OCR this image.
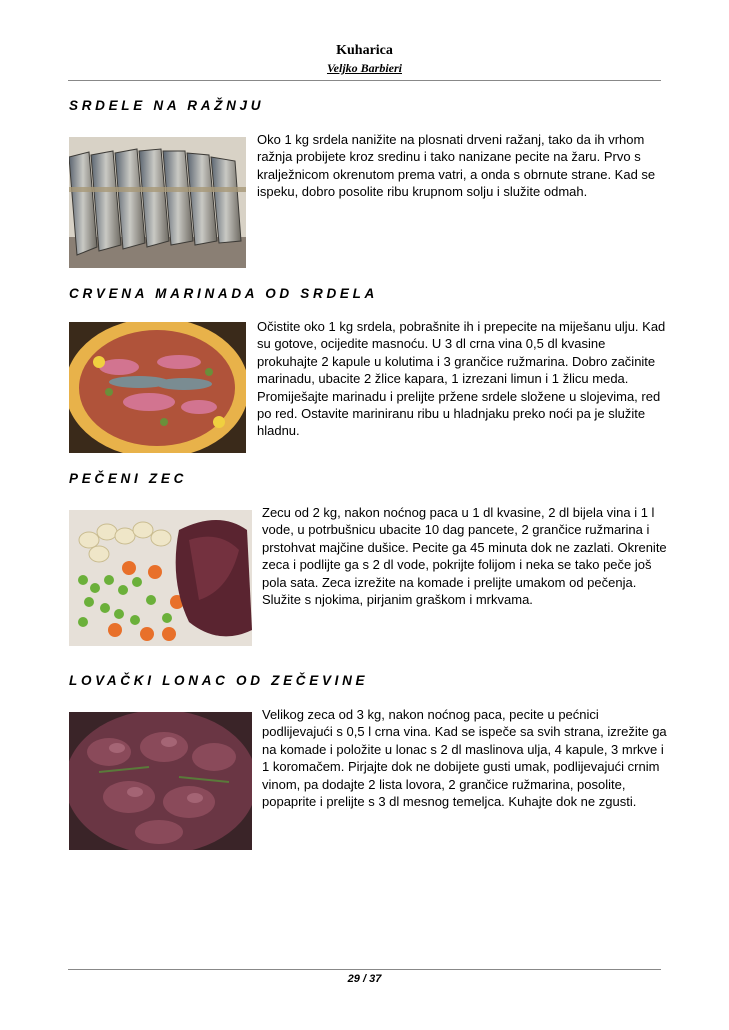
Kuharica
Veljko Barbieri
SRDELE NA RAŽNJU
Oko 1 kg srdela nanižite na plosnati drveni ražanj, tako da ih vrhom ražnja probijete kroz sredinu i tako nanizane pecite na žaru. Prvo s kralježnicom okrenutom prema vatri, a onda s obrnute strane. Kad se ispeku, dobro posolite ribu krupnom solju i služite odmah.
CRVENA MARINADA OD SRDELA
Očistite oko 1 kg srdela, pobrašnite ih i prepecite na miješanu ulju. Kad su gotove, ocijedite masnoću. U 3 dl crna vina 0,5 dl kvasine prokuhajte 2 kapule u kolutima i 3 grančice ružmarina. Dobro začinite marinadu, ubacite 2 žlice kapara, 1 izrezani limun i 1 žlicu meda. Promiješajte marinadu i prelijte pržene srdele složene u slojevima, red po red. Ostavite mariniranu ribu u hladnjaku preko noći pa je služite hladnu.
PEČENI ZEC
Zecu od 2 kg, nakon noćnog paca u 1 dl kvasine, 2 dl bijela vina i 1 l vode, u potrbušnicu ubacite 10 dag pancete, 2 grančice ružmarina i prstohvat majčine dušice. Pecite ga 45 minuta dok ne zazlati. Okrenite zeca i podlijte ga s 2 dl vode, pokrijte folijom i neka se tako peče još pola sata. Zeca izrežite na komade i prelijte umakom od pečenja. Služite s njokima, pirjanim graškom i mrkvama.
LOVAČKI LONAC OD ZEČEVINE
Velikog zeca od 3 kg, nakon noćnog paca, pecite u pećnici podlijevajući s 0,5 l crna vina. Kad se ispeče sa svih strana, izrežite ga na komade i položite u lonac s 2 dl maslinova ulja, 4 kapule, 3 mrkve i 1 koromačem. Pirjajte dok ne dobijete gusti umak, podlijevajući crnim vinom, pa dodajte 2 lista lovora, 2 grančice ružmarina, posolite, popaprite i prelijte s 3 dl mesnog temeljca. Kuhajte dok ne zgusti.
29 / 37
